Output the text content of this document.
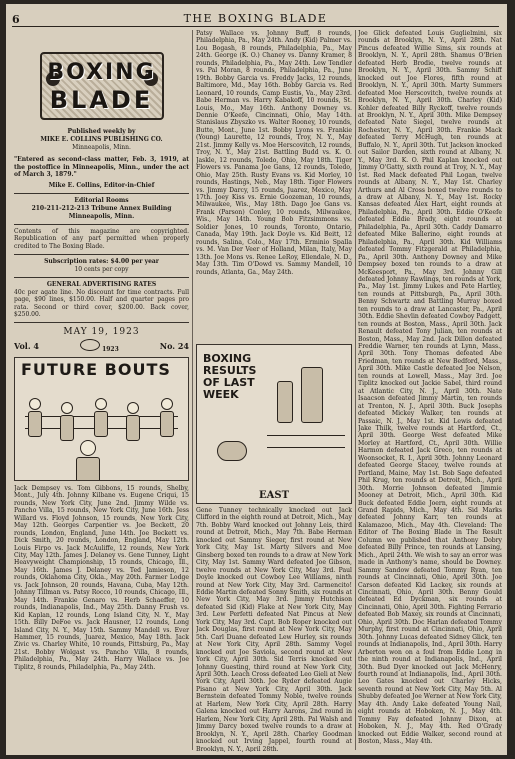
6	THE BOXING BLADE
BOXING
BLADE

Published weekly by

MIKE E. COLLINS PUBLISHING CO.

Minneapolis, Minn.

"Entered as second-class matter, Feb. 3, 1919, at the postoffice in Minneapolis, Minn., under the act of March 3, 1879."

Mike E. Collins, Editor-in-Chief

Editorial Rooms

210-211-212-213 Tribune Annex Building

Minneapolis, Minn.

Contents of this magazine are copyrighted. Republication of any part permitted when properly credited to The Boxing Blade.

Subscription rates: $4.00 per year

10 cents per copy

GENERAL ADVERTISING RATES

40c per agate line. No discount for time contracts. Full page, $90 lines, $150.00. Half and quarter pages pro rata. Second or third cover, $200.00. Back cover, $250.00.

MAY 19, 1923
Vol. 4	1923	No. 24
FUTURE BOUTS

Jack Dempsey vs. Tom Gibbons, 15 rounds, Shelby, Mont., July 4th. Johnny Kilbane vs. Eugene Criqui, 15 rounds, New York City, June 2nd. Jimmy Wilde vs. Pancho Villa, 15 rounds, New York City, June 16th. Jess Willard vs. Floyd Johnson, 15 rounds, New York City, May 12th. Georges Carpentier vs. Joe Beckett, 20 rounds, London, England, June 14th. Joe Beckett vs. Dick Smith, 20 rounds, London, England, May 12th. Louis Firpo vs. Jack McAuliffe, 12 rounds, New York City, May 12th. James J. Delaney vs. Gene Tunney, Light Heavyweight Championship, 15 rounds, Chicago, Ill., May 16th. James J. Delaney vs. Ted Jamieson, 12 rounds, Oklahoma City, Okla., May 20th. Farmer Lodge vs. Jack Johnson, 20 rounds, Havana, Cuba, May 12th. Johnny Tillman vs. Patsy Rocco, 10 rounds, Chicago, Ill., May 14th. Frankie Genaro vs. Herb Schaeffer, 10 rounds, Indianapolis, Ind., May 25th. Danny Frush vs. Kid Kaplan, 12 rounds, Long Island City, N. Y., May 15th. Billy DeFoe vs. Jack Hausner, 12 rounds, Long Island City, N. Y., May 15th. Sammy Mandell vs. Ever Hammer, 15 rounds, Juarez, Mexico, May 18th. Jack Zivic vs. Charley White, 10 rounds, Pittsburg, Pa., May 21st. Bobby Wolgast vs. Pancho Villa, 8 rounds, Philadelphia, Pa., May 24th. Harry Wallace vs. Joe Tiplitz, 8 rounds, Philadelphia, Pa., May 24th.

Patsy Wallace vs. Johnny Buff, 8 rounds, Philadelphia, Pa., May 24th. Andy (Kid) Palmer vs. Lou Bogash, 8 rounds, Philadelphia, Pa., May 24th. George (K. O.) Chaney vs. Danny Kramer, 8 rounds, Philadelphia, Pa., May 24th. Lew Tendler vs. Pal Moran, 8 rounds, Philadelphia, Pa., June 19th. Bobby Garcia vs. Freddy Jacks, 12 rounds, Baltimore, Md., May 16th. Bobby Garcia vs. Red Leonard, 10 rounds, Camp Eustis, Va., May 23rd. Babe Herman vs. Harry Kabakoff, 10 rounds, St. Louis, Mo., May 16th. Anthony Downey vs. Dennie O'Keefe, Cincinnati, Ohio, May 14th. Stanislaus Zbyszko vs. Walter Rooney, 10 rounds, Butte, Mont., June 1st. Bobby Lyons vs. Frankie (Young) Laurette, 12 rounds, Troy, N. Y., May 21st. Jimmy Kelly vs. Moe Herscovitch, 12 rounds, Troy, N. Y., May 21st. Battling Budd vs. K. O. Jaskle, 12 rounds, Toledo, Ohio, May 18th. Tiger Flowers vs. Panama Joe Gans, 12 rounds, Toledo, Ohio, May 25th. Rusty Evans vs. Kid Morley, 10 rounds, Hastings, Neb., May 18th. Tiger Flowers vs. Jimmy Darcy, 15 rounds, Juarez, Mexico, May 17th. Joey Kiss vs. Ernie Goozeman, 10 rounds, Milwaukee, Wis., May 18th. Dago Joe Gans vs. Frank (Parson) Conley, 10 rounds, Milwaukee, Wis., May 14th. Young Bob Fitzsimmons vs. Soldier Jones, 10 rounds, Toronto, Ontario, Canada, May 19th. Jack Doyle vs. Kid Beitt, 12 rounds, Salina, Colo., May 17th. Erminio Spalla vs. M. Van Der Veer of Holland, Milan, Italy, May 13th. Joe Mons vs. Renee LeRoy, Ellendale, N. D., May 13th. Tim O'Dowd vs. Sammy Mandell, 10 rounds, Atlanta, Ga., May 24th.

BOXING RESULTS OF LAST WEEK
EAST

Gene Tunney technically knocked out Jack Clifford in the eighth round at Detroit, Mich., May 7th. Bobby Ward knocked out Johnny Leis, third round at Detroit, Mich., May 7th. Babe Herman knocked out Sammy Sieger, first round at New York City, May 1st. Marty Silvers and Moe Ginsberg boxed ten rounds to a draw at New York City, May 1st. Sammy Ward defeated Joe Gibson, twelve rounds at New York City, May 3rd. Paul Doyle knocked out Cowboy Lee Williams, ninth round at New York City, May 3rd. Carmencito! Eddie Martin defeated Sonny Smith, six rounds at New York City, May 3rd. Jimmy Hutchison defeated Sid (Kid) Flake at New York City, May 3rd. Lew Perfetti defeated Nat Pincus at New York City, May 3rd. Capt. Bob Roper knocked out Jack Douglas, first round at New York City, May 5th. Carl Duane defeated Lew Hurley, six rounds at New York City, April 28th. Sammy Vogel knocked out Joe Saviola, second round at New York City, April 30th. Sid Terris knocked out Johnny Guesting, third round at New York City, April 30th. Leach Cross defeated Leo Gieli at New York City, April 30th. Joe Ryder defeated Augie Pisano at New York City, April 30th. Jack Bernstein defeated Tommy Noble, twelve rounds at Harlem, New York City, April 28th. Harry Galena knocked out Harry Aarons, 2nd round in Harlem, New York City, April 28th. Pal Walsh and Jimmy Darcy boxed twelve rounds to a draw at Brooklyn, N. Y., April 28th. Charley Goodman knocked out Irving Jappel, fourth round at Brooklyn, N. Y., April 28th.

Joe Glick defeated Louis Guglielmini, six rounds at Brooklyn, N. Y., April 28th. Nat Pincus defeated Willie Sims, six rounds at Brooklyn, N. Y., April 28th. Shamus O'Brien defeated Herb Brodie, twelve rounds at Brooklyn, N. Y., April 30th. Sammy Schiff knocked out Joe Flores, fifth round at Brooklyn, N. Y., April 30th. Marty Summers defeated Moe Herscovitch, twelve rounds at Brooklyn, N. Y., April 30th. Charley (Kid) Kohler defeated Billy Ryckoff, twelve rounds at Brooklyn, N. Y., April 30th. Mike Dempsey defeated Nate Siegel, twelve rounds at Rochester, N. Y., April 30th. Frankie Mack defeated Terry McHugh, ten rounds at Buffalo, N. Y., April 30th. Tut Jackson knocked out Sailor Darden, sixth round at Albany, N. Y., May 3rd. K. O. Phil Kaplan knocked out Jimmy O'Gatty, sixth round at Troy, N. Y., May 1st. Red Mack defeated Phil Logan, twelve rounds at Albany, N. Y., May 1st. Charley Arthurs and Al Cross boxed twelve rounds to a draw at Albany, N. Y., May 1st. Rocky Kansas defeated Alex Hart, eight rounds at Philadelphia, Pa., April 30th. Eddie O'Keefe defeated Eddie Brady, eight rounds at Philadelphia, Pa., April 30th. Caddy Damarro defeated Mike Ballerino, eight rounds at Philadelphia, Pa., April 30th. Kid Williams defeated Tommy Fitzgerald at Philadelphia, Pa., April 30th. Anthony Downey and Mike Dempsey boxed ten rounds to a draw at McKeesport, Pa., May 3rd. Johnny Gill defeated Johnny Rawlings, ten rounds at York, Pa., May 1st. Jimmy Lukes and Pete Hartley, ten rounds at Pittsburgh, Pa., April 30th. Benny Schwartz and Battling Murray boxed ten rounds to a draw at Lancaster, Pa., April 30th. Eddie Shevlin defeated Cowboy Padgett, ten rounds at Boston, Mass., April 30th. Jack Renault defeated Tony Julian, ten rounds at Boston, Mass., May 2nd. Jack Dillon defeated Freddie Warner, ten rounds at Lynn, Mass., April 30th. Tony Thomas defeated Abe Friedman, ten rounds at New Bedford, Mass., April 30th. Mike Castle defeated Joe Nelson, ten rounds at Lowell, Mass., May 3rd. Joe Tiplitz knocked out Jackie Sabel, third round at Atlantic City, N. J., April 30th. Nate Isaacson defeated Jimmy Martin, ten rounds at Trenton, N. J., April 30th. Buck Josephs defeated Mickey Walker, ten rounds at Passaic, N. J., May 1st. Kid Lewis defeated Jake Thilk, twelve rounds at Hartford, Ct., April 30th. George West defeated Mike Morley at Hartford, Ct., April 30th. Willie Harmon defeated Jack Greco, ten rounds at Woonsocket, R. I., April 30th. Johnny Leonard defeated George Stacey, twelve rounds at Portland, Maine, May 1st. Bob Sage defeated Phil Krug, ten rounds at Detroit, Mich., April 30th. Morrie Johnson defeated Jimmie Mooney at Detroit, Mich., April 30th. Kid Buck defeated Eddie Joern, eight rounds at Grand Rapids, Mich., May 4th. Sid Marks defeated Johnny Karr, ten rounds at Kalamazoo, Mich., May 4th. Cleveland: The Editor of The Boxing Blade in The Result Column we published that Anthony Dobry defeated Billy Prince, ten rounds at Lansing, Mich., April 24th. We wish to say an error was made in Anthony's name, should be Downey. Sammy Sandow defeated Tommy Ryan, ten rounds at Cincinnati, Ohio, April 30th. Joe Carson defeated Kid Lackey, six rounds at Cincinnati, Ohio, April 30th. Benny Gould defeated Ed Dyckman, six rounds at Cincinnati, Ohio, April 30th. Fighting Ferrario defeated Bob Maxey, six rounds at Cincinnati, Ohio, April 30th. Doc Harlan defeated Tommy Murphy, first round at Cincinnati, Ohio, April 30th. Johnny Lucas defeated Sidney Glick, ten rounds at Indianapolis, Ind., April 30th. Harry Arberton won on a foul from Eddie Long in the ninth round at Indianapolis, Ind., April 30th. Bud Dyer knocked out Jack McHenry, fourth round at Indianapolis, Ind., April 30th. Leo Gates knocked out Charley Hicks, seventh round at New York City, May 5th. Al Shubby defeated Joe Werner at New York City, May 4th. Andy Lake defeated Young Nail, eight rounds at Hoboken, N. J., May 4th. Tommy Fay defeated Johnny Dixon, at Hoboken, N. J., May 4th. Red O'Grady knocked out Eddie Walker, second round at Boston, Mass., May 4th.
